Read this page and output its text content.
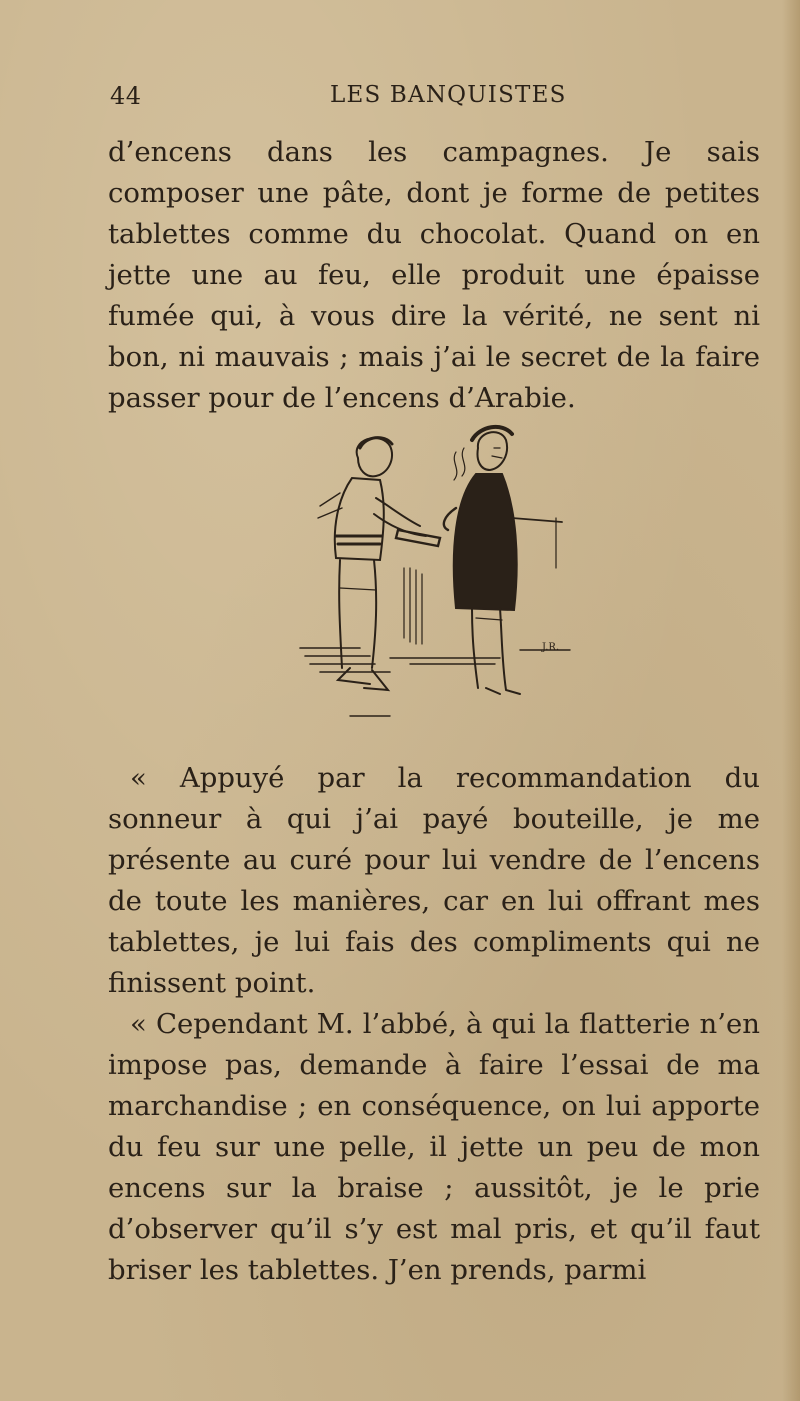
44	LES BANQUISTES

d’encens dans les campagnes. Je sais composer une pâte, dont je forme de petites tablettes comme du chocolat. Quand on en jette une au feu, elle produit une épaisse fumée qui, à vous dire la vérité, ne sent ni bon, ni mauvais ; mais j’ai le secret de la faire passer pour de l’encens d’Arabie.

J.R.

« Appuyé par la recommandation du sonneur à qui j’ai payé bouteille, je me présente au curé pour lui vendre de l’encens de toute les manières, car en lui offrant mes tablettes, je lui fais des compliments qui ne finissent point.

« Cependant M. l’abbé, à qui la flatterie n’en impose pas, demande à faire l’essai de ma marchandise ; en conséquence, on lui apporte du feu sur une pelle, il jette un peu de mon encens sur la braise ; aussitôt, je le prie d’observer qu’il s’y est mal pris, et qu’il faut briser les tablettes. J’en prends, parmi
